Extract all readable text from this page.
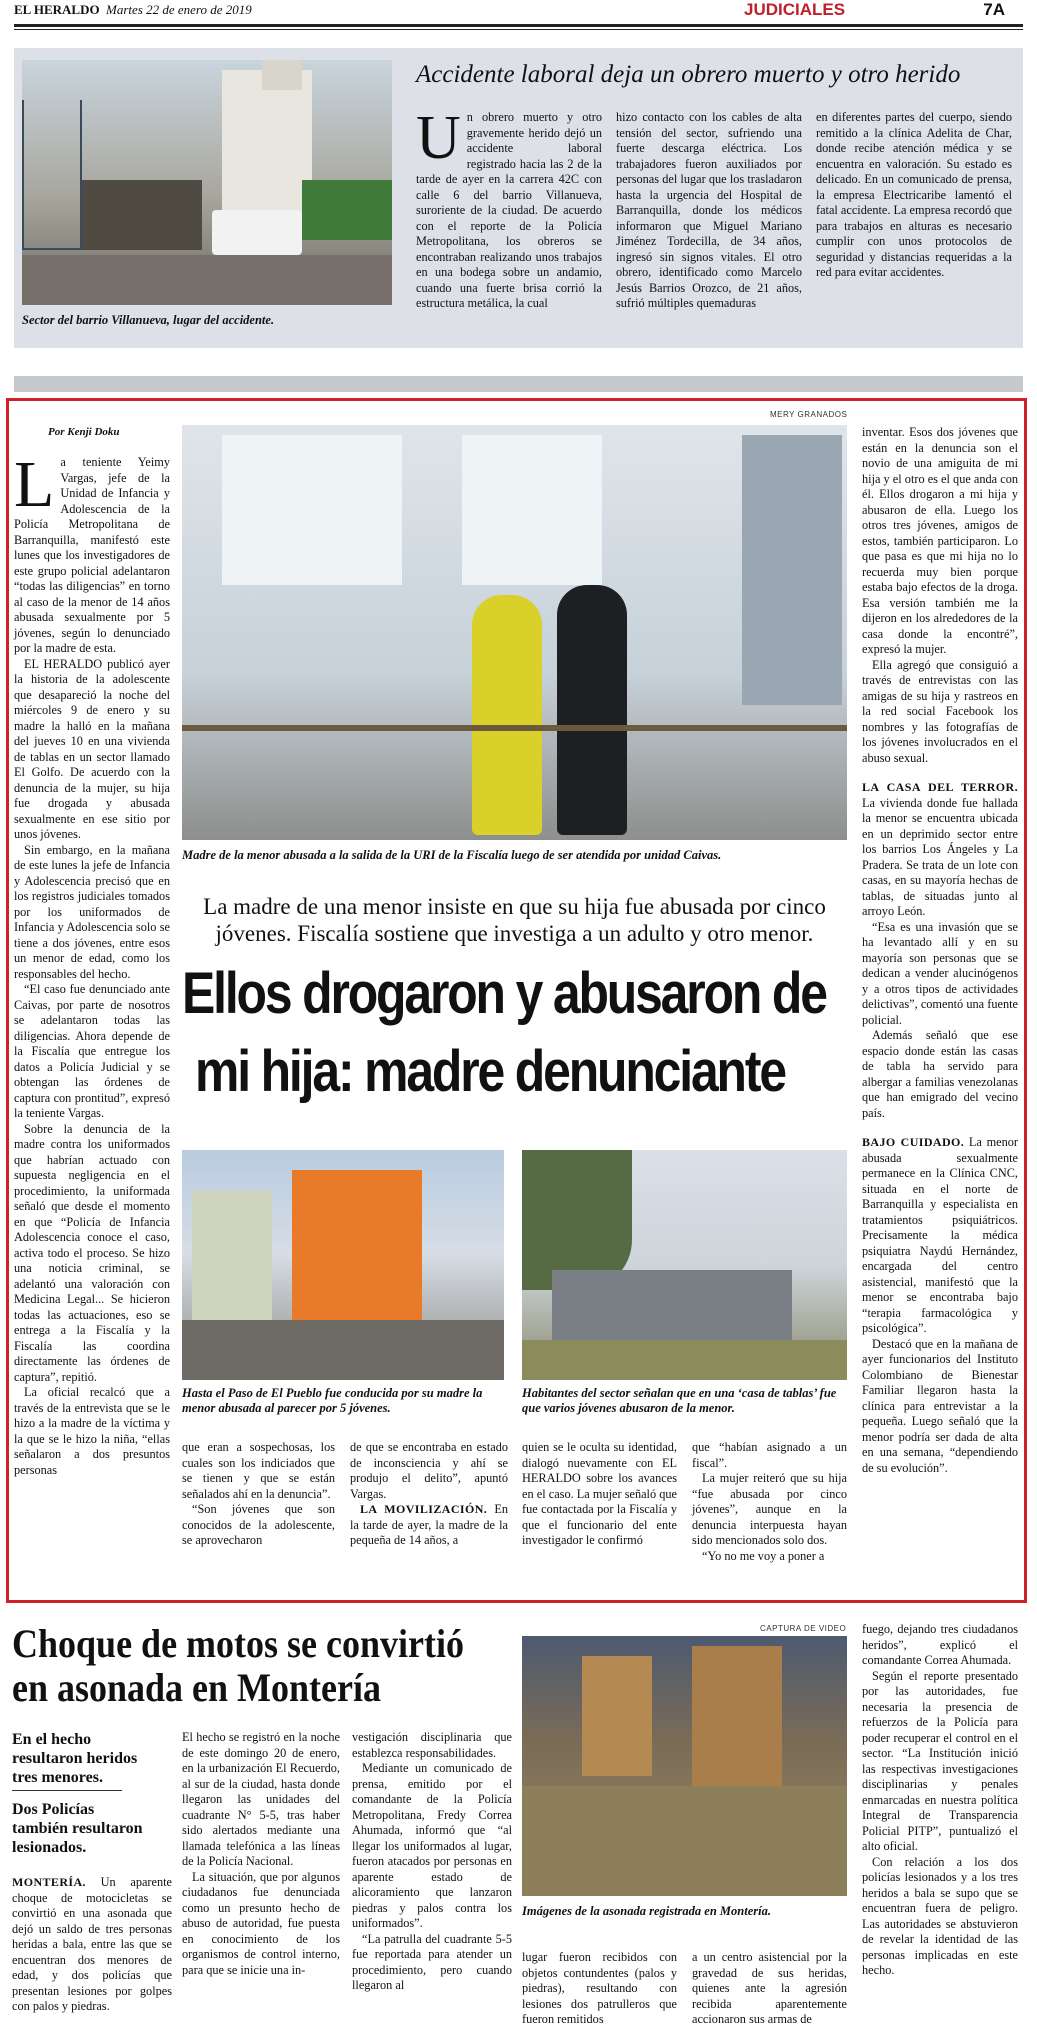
EL HERALDO Martes 22 de enero de 2019	JUDICIALES	7A
Sector del barrio Villanueva, lugar del accidente.
Accidente laboral deja un obrero muerto y otro herido
Un obrero muerto y otro gravemente herido dejó un accidente laboral registrado hacia las 2 de la tarde de ayer en la carrera 42C con calle 6 del barrio Villanueva, suroriente de la ciudad. De acuerdo con el reporte de la Policía Metropolitana, los obreros se encontraban realizando unos trabajos en una bodega sobre un andamio, cuando una fuerte brisa corrió la estructura metálica, la cual
hizo contacto con los cables de alta tensión del sector, sufriendo una fuerte descarga eléctrica. Los trabajadores fueron auxiliados por personas del lugar que los trasladaron hasta la urgencia del Hospital de Barranquilla, donde los médicos informaron que Miguel Mariano Jiménez Tordecilla, de 34 años, ingresó sin signos vitales. El otro obrero, identificado como Marcelo Jesús Barrios Orozco, de 21 años, sufrió múltiples quemaduras
en diferentes partes del cuerpo, siendo remitido a la clínica Adelita de Char, donde recibe atención médica y se encuentra en valoración. Su estado es delicado. En un comunicado de prensa, la empresa Electricaribe lamentó el fatal accidente. La empresa recordó que para trabajos en alturas es necesario cumplir con unos protocolos de seguridad y distancias requeridas a la red para evitar accidentes.
Por Kenji Doku
MERY GRANADOS
L a teniente Yeimy Vargas, jefe de la Unidad de Infancia y Adolescencia de la Policía Metropolitana de Barranquilla, manifestó este lunes que los investigadores de este grupo policial adelantaron “todas las diligencias” en torno al caso de la menor de 14 años abusada sexualmente por 5 jóvenes, según lo denunciado por la madre de esta.

EL HERALDO publicó ayer la historia de la adolescente que desapareció la noche del miércoles 9 de enero y su madre la halló en la mañana del jueves 10 en una vivienda de tablas en un sector llamado El Golfo. De acuerdo con la denuncia de la mujer, su hija fue drogada y abusada sexualmente en ese sitio por unos jóvenes.

Sin embargo, en la mañana de este lunes la jefe de Infancia y Adolescencia precisó que en los registros judiciales tomados por los uniformados de Infancia y Adolescencia solo se tiene a dos jóvenes, entre esos un menor de edad, como los responsables del hecho.

“El caso fue denunciado ante Caivas, por parte de nosotros se adelantaron todas las diligencias. Ahora depende de la Fiscalía que entregue los datos a Policía Judicial y se obtengan las órdenes de captura con prontitud”, expresó la teniente Vargas.

Sobre la denuncia de la madre contra los uniformados que habrían actuado con supuesta negligencia en el procedimiento, la uniformada señaló que desde el momento en que “Policía de Infancia Adolescencia conoce el caso, activa todo el proceso. Se hizo una noticia criminal, se adelantó una valoración con Medicina Legal... Se hicieron todas las actuaciones, eso se entrega a la Fiscalía y la Fiscalía las coordina directamente las órdenes de captura”, repitió.

La oficial recalcó que a través de la entrevista que se le hizo a la madre de la víctima y la que se le hizo la niña, “ellas señalaron a dos presuntos personas

Madre de la menor abusada a la salida de la URI de la Fiscalía luego de ser atendida por unidad Caivas.
La madre de una menor insiste en que su hija fue abusada por cinco jóvenes. Fiscalía sostiene que investiga a un adulto y otro menor.
Ellos drogaron y abusaron de
mi hija: madre denunciante
Hasta el Paso de El Pueblo fue conducida por su madre la menor abusada al parecer por 5 jóvenes.
Habitantes del sector señalan que en una ‘casa de tablas’ fue que varios jóvenes abusaron de la menor.
que eran a sospechosas, los cuales son los indiciados que se tienen y que se están señalados ahí en la denuncia”.

“Son jóvenes que son conocidos de la adolescente, se aprovecharon

de que se encontraba en estado de inconsciencia y ahí se produjo el delito”, apuntó Vargas.

LA MOVILIZACIÓN. En la tarde de ayer, la madre de la pequeña de 14 años, a

quien se le oculta su identidad, dialogó nuevamente con EL HERALDO sobre los avances en el caso. La mujer señaló que fue contactada por la Fiscalía y que el funcionario del ente investigador le confirmó
que “habían asignado a un fiscal”.

La mujer reiteró que su hija “fue abusada por cinco jóvenes”, aunque en la denuncia interpuesta hayan sido mencionados solo dos.

“Yo no me voy a poner a

inventar. Esos dos jóvenes que están en la denuncia son el novio de una amiguita de mi hija y el otro es el que anda con él. Ellos drogaron a mi hija y abusaron de ella. Luego los otros tres jóvenes, amigos de estos, también participaron. Lo que pasa es que mi hija no lo recuerda muy bien porque estaba bajo efectos de la droga. Esa versión también me la dijeron en los alrededores de la casa donde la encontré”, expresó la mujer.

Ella agregó que consiguió a través de entrevistas con las amigas de su hija y rastreos en la red social Facebook los nombres y las fotografías de los jóvenes involucrados en el abuso sexual.

LA CASA DEL TERROR. La vivienda donde fue hallada la menor se encuentra ubicada en un deprimido sector entre los barrios Los Ángeles y La Pradera. Se trata de un lote con casas, en su mayoría hechas de tablas, de situadas junto al arroyo León.

“Esa es una invasión que se ha levantado allí y en su mayoría son personas que se dedican a vender alucinógenos y a otros tipos de actividades delictivas”, comentó una fuente policial.

Además señaló que ese espacio donde están las casas de tabla ha servido para albergar a familias venezolanas que han emigrado del vecino país.

BAJO CUIDADO. La menor abusada sexualmente permanece en la Clínica CNC, situada en el norte de Barranquilla y especialista en tratamientos psiquiátricos. Precisamente la médica psiquiatra Naydú Hernández, encargada del centro asistencial, manifestó que la menor se encontraba bajo “terapia farmacológica y psicológica”.

Destacó que en la mañana de ayer funcionarios del Instituto Colombiano de Bienestar Familiar llegaron hasta la clínica para entrevistar a la pequeña. Luego señaló que la menor podría ser dada de alta en una semana, “dependiendo de su evolución”.

Choque de motos se convirtió
en asonada en Montería
En el hecho resultaron heridos tres menores.
Dos Policías también resultaron lesionados.
MONTERÍA. Un aparente choque de motocicletas se convirtió en una asonada que dejó un saldo de tres personas heridas a bala, entre las que se encuentran dos menores de edad, y dos policías que presentan lesiones por golpes con palos y piedras.
El hecho se registró en la noche de este domingo 20 de enero, en la urbanización El Recuerdo, al sur de la ciudad, hasta donde llegaron las unidades del cuadrante N° 5-5, tras haber sido alertados mediante una llamada telefónica a las líneas de la Policía Nacional.

La situación, que por algunos ciudadanos fue denunciada como un presunto hecho de abuso de autoridad, fue puesta en conocimiento de los organismos de control interno, para que se inicie una in-

vestigación disciplinaria que establezca responsabilidades.

Mediante un comunicado de prensa, emitido por el comandante de la Policía Metropolitana, Fredy Correa Ahumada, informó que “al llegar los uniformados al lugar, fueron atacados por personas en aparente estado de alicoramiento que lanzaron piedras y palos contra los uniformados”.

“La patrulla del cuadrante 5-5 fue reportada para atender un procedimiento, pero cuando llegaron al

CAPTURA DE VIDEO
Imágenes de la asonada registrada en Montería.
lugar fueron recibidos con objetos contundentes (palos y piedras), resultando con lesiones dos patrulleros que fueron remitidos
a un centro asistencial por la gravedad de sus heridas, quienes ante la agresión recibida aparentemente accionaron sus armas de
fuego, dejando tres ciudadanos heridos”, explicó el comandante Correa Ahumada.

Según el reporte presentado por las autoridades, fue necesaria la presencia de refuerzos de la Policía para poder recuperar el control en el sector. “La Institución inició las respectivas investigaciones disciplinarias y penales enmarcadas en nuestra política Integral de Transparencia Policial PITP”, puntualizó el alto oficial.

Con relación a los dos policías lesionados y a los tres heridos a bala se supo que se encuentran fuera de peligro. Las autoridades se abstuvieron de revelar la identidad de las personas implicadas en este hecho.
